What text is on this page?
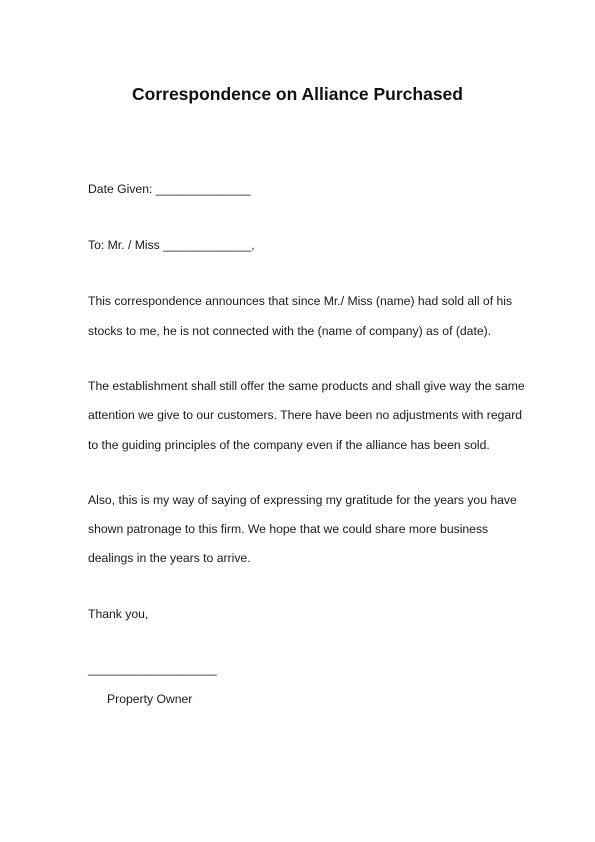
Correspondence on Alliance Purchased
Date Given: ______________
To: Mr. / Miss _____________,
This correspondence announces that since Mr./ Miss (name) had sold all of his
stocks to me, he is not connected with the (name of company) as of (date).
The establishment shall still offer the same products and shall give way the same
attention we give to our customers. There have been no adjustments with regard
to the guiding principles of the company even if the alliance has been sold.
Also, this is my way of saying of expressing my gratitude for the years you have
shown patronage to this firm. We hope that we could share more business
dealings in the years to arrive.
Thank you,
___________________
Property Owner
